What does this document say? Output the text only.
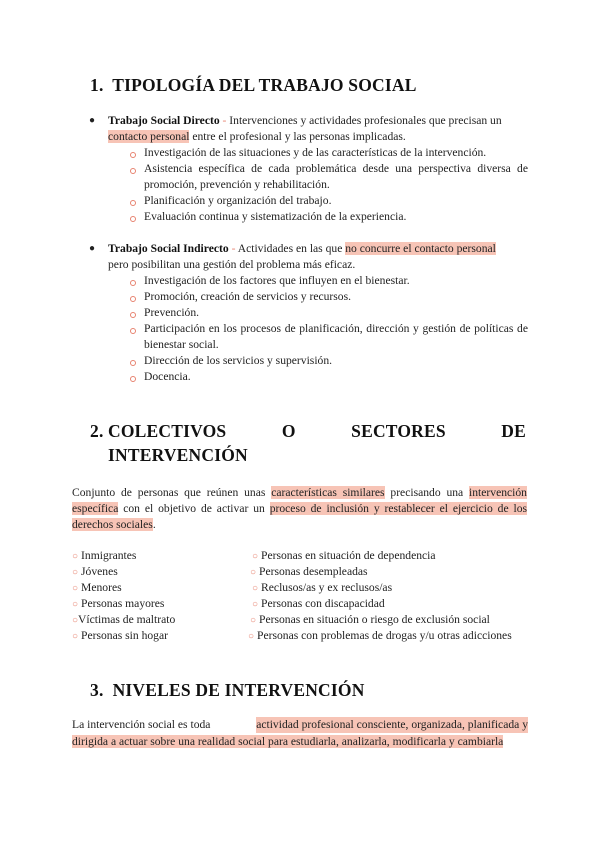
1. TIPOLOGÍA DEL TRABAJO SOCIAL
● Trabajo Social Directo - Intervenciones y actividades profesionales que precisan un
contacto personal entre el profesional y las personas implicadas.
Investigación de las situaciones y de las características de la intervención.
Asistencia específica de cada problemática desde una perspectiva diversa de promoción, prevención y rehabilitación.
Planificación y organización del trabajo.
Evaluación continua y sistematización de la experiencia.
● Trabajo Social Indirecto - Actividades en las que no concurre el contacto personal
pero posibilitan una gestión del problema más eficaz.
Investigación de los factores que influyen en el bienestar.
Promoción, creación de servicios y recursos.
Prevención.
Participación en los procesos de planificación, dirección y gestión de políticas de bienestar social.
Dirección de los servicios y supervisión.
Docencia.
2. COLECTIVOS	O	SECTORES	DE
INTERVENCIÓN
Conjunto de personas que reúnen unas características similares precisando una intervención específica con el objetivo de activar un proceso de inclusión y restablecer el ejercicio de los derechos sociales.
○ Inmigrantes
○ Jóvenes
○ Menores
○ Personas mayores
○Víctimas de maltrato
○ Personas sin hogar
○ Personas en situación de dependencia
○ Personas desempleadas
○ Reclusos/as y ex reclusos/as
○ Personas con discapacidad
○ Personas en situación o riesgo de exclusión social
○ Personas con problemas de drogas y/u otras adicciones
3. NIVELES DE INTERVENCIÓN
La intervención social es toda	actividad profesional consciente, organizada, planificada y
dirigida a actuar sobre una realidad social para estudiarla, analizarla, modificarla y cambiarla
